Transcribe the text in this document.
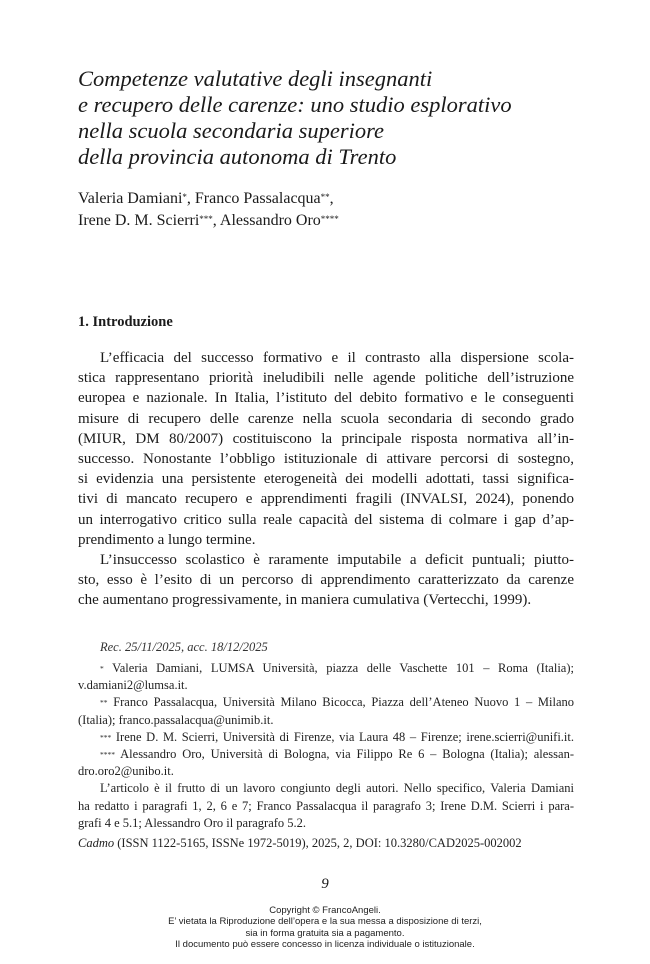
Competenze valutative degli insegnanti
e recupero delle carenze: uno studio esplorativo
nella scuola secondaria superiore
della provincia autonoma di Trento
Valeria Damiani*, Franco Passalacqua**,
Irene D. M. Scierri***, Alessandro Oro****
1. Introduzione
L’efficacia del successo formativo e il contrasto alla dispersione scola-
stica rappresentano priorità ineludibili nelle agende politiche dell’istruzione
europea e nazionale. In Italia, l’istituto del debito formativo e le conseguenti
misure di recupero delle carenze nella scuola secondaria di secondo grado
(MIUR, DM 80/2007) costituiscono la principale risposta normativa all’in-
successo. Nonostante l’obbligo istituzionale di attivare percorsi di sostegno,
si evidenzia una persistente eterogeneità dei modelli adottati, tassi significa-
tivi di mancato recupero e apprendimenti fragili (INVALSI, 2024), ponendo
un interrogativo critico sulla reale capacità del sistema di colmare i gap d’ap-
prendimento a lungo termine.
L’insuccesso scolastico è raramente imputabile a deficit puntuali; piutto-
sto, esso è l’esito di un percorso di apprendimento caratterizzato da carenze
che aumentano progressivamente, in maniera cumulativa (Vertecchi, 1999).
Rec. 25/11/2025, acc. 18/12/2025
* Valeria Damiani, LUMSA Università, piazza delle Vaschette 101 – Roma (Italia);
v.damiani2@lumsa.it.
** Franco Passalacqua, Università Milano Bicocca, Piazza dell’Ateneo Nuovo 1 – Milano
(Italia); franco.passalacqua@unimib.it.
*** Irene D. M. Scierri, Università di Firenze, via Laura 48 – Firenze; irene.scierri@unifi.it.
**** Alessandro Oro, Università di Bologna, via Filippo Re 6 – Bologna (Italia); alessan-
dro.oro2@unibo.it.
L’articolo è il frutto di un lavoro congiunto degli autori. Nello specifico, Valeria Damiani
ha redatto i paragrafi 1, 2, 6 e 7; Franco Passalacqua il paragrafo 3; Irene D.M. Scierri i para-
grafi 4 e 5.1; Alessandro Oro il paragrafo 5.2.
Cadmo (ISSN 1122-5165, ISSNe 1972-5019), 2025, 2, DOI: 10.3280/CAD2025-002002
9
Copyright © FrancoAngeli.
E’ vietata la Riproduzione dell’opera e la sua messa a disposizione di terzi,
sia in forma gratuita sia a pagamento.
Il documento può essere concesso in licenza individuale o istituzionale.
